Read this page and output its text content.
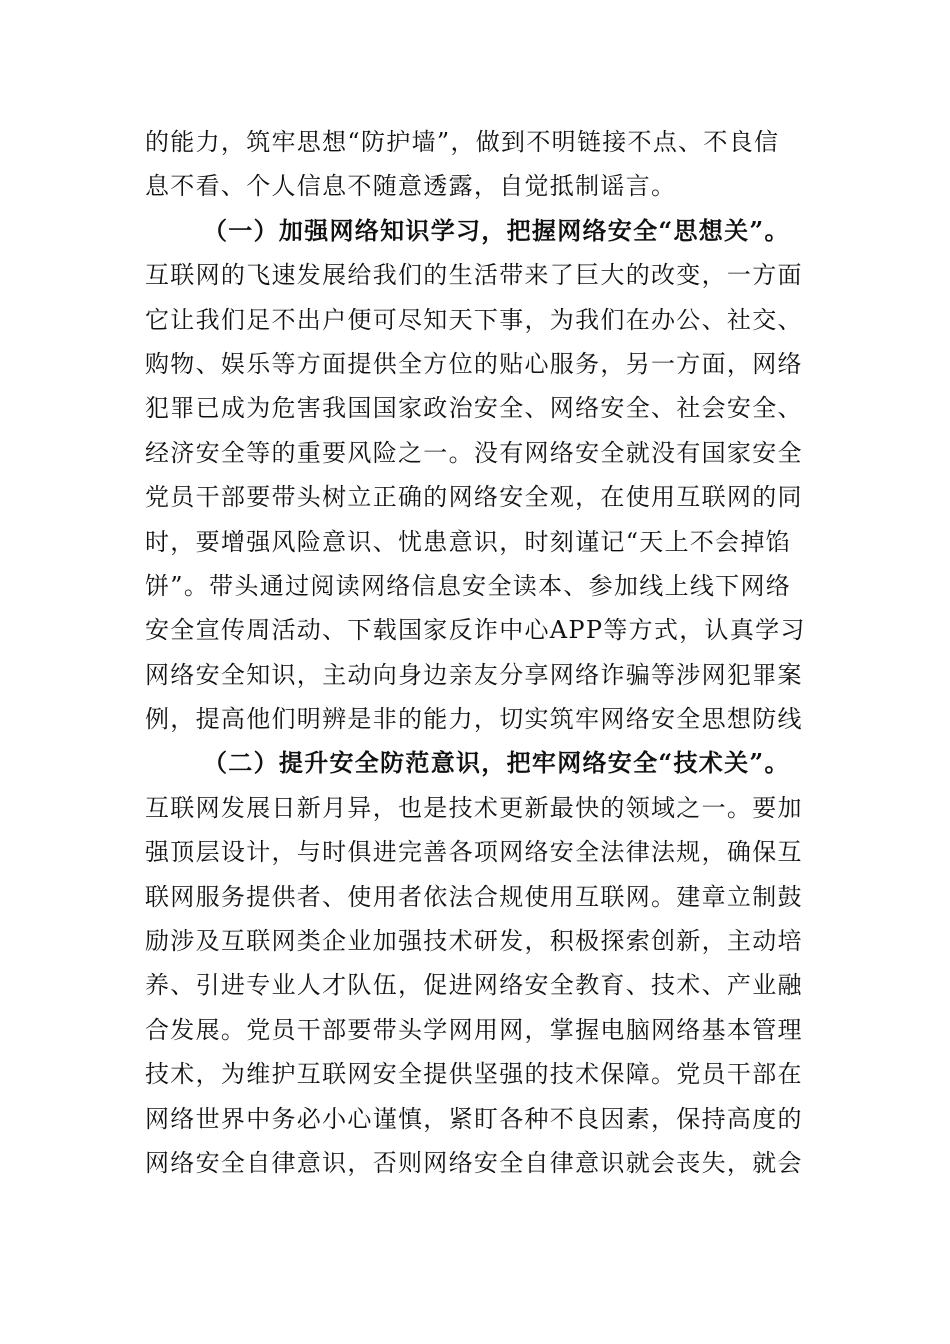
的能力，筑牢思想“防护墙”，做到不明链接不点、不良信
息不看、个人信息不随意透露，自觉抵制谣言。
（一）加强网络知识学习，把握网络安全“思想关”。
互联网的飞速发展给我们的生活带来了巨大的改变，一方面
它让我们足不出户便可尽知天下事，为我们在办公、社交、
购物、娱乐等方面提供全方位的贴心服务，另一方面，网络
犯罪已成为危害我国国家政治安全、网络安全、社会安全、
经济安全等的重要风险之一。没有网络安全就没有国家安全
党员干部要带头树立正确的网络安全观，在使用互联网的同
时，要增强风险意识、忧患意识，时刻谨记“天上不会掉馅
饼”。带头通过阅读网络信息安全读本、参加线上线下网络
安全宣传周活动、下载国家反诈中心APP等方式，认真学习
网络安全知识，主动向身边亲友分享网络诈骗等涉网犯罪案
例，提高他们明辨是非的能力，切实筑牢网络安全思想防线
（二）提升安全防范意识，把牢网络安全“技术关”。
互联网发展日新月异，也是技术更新最快的领域之一。要加
强顶层设计，与时俱进完善各项网络安全法律法规，确保互
联网服务提供者、使用者依法合规使用互联网。建章立制鼓
励涉及互联网类企业加强技术研发，积极探索创新，主动培
养、引进专业人才队伍，促进网络安全教育、技术、产业融
合发展。党员干部要带头学网用网，掌握电脑网络基本管理
技术，为维护互联网安全提供坚强的技术保障。党员干部在
网络世界中务必小心谨慎，紧盯各种不良因素，保持高度的
网络安全自律意识，否则网络安全自律意识就会丧失，就会
